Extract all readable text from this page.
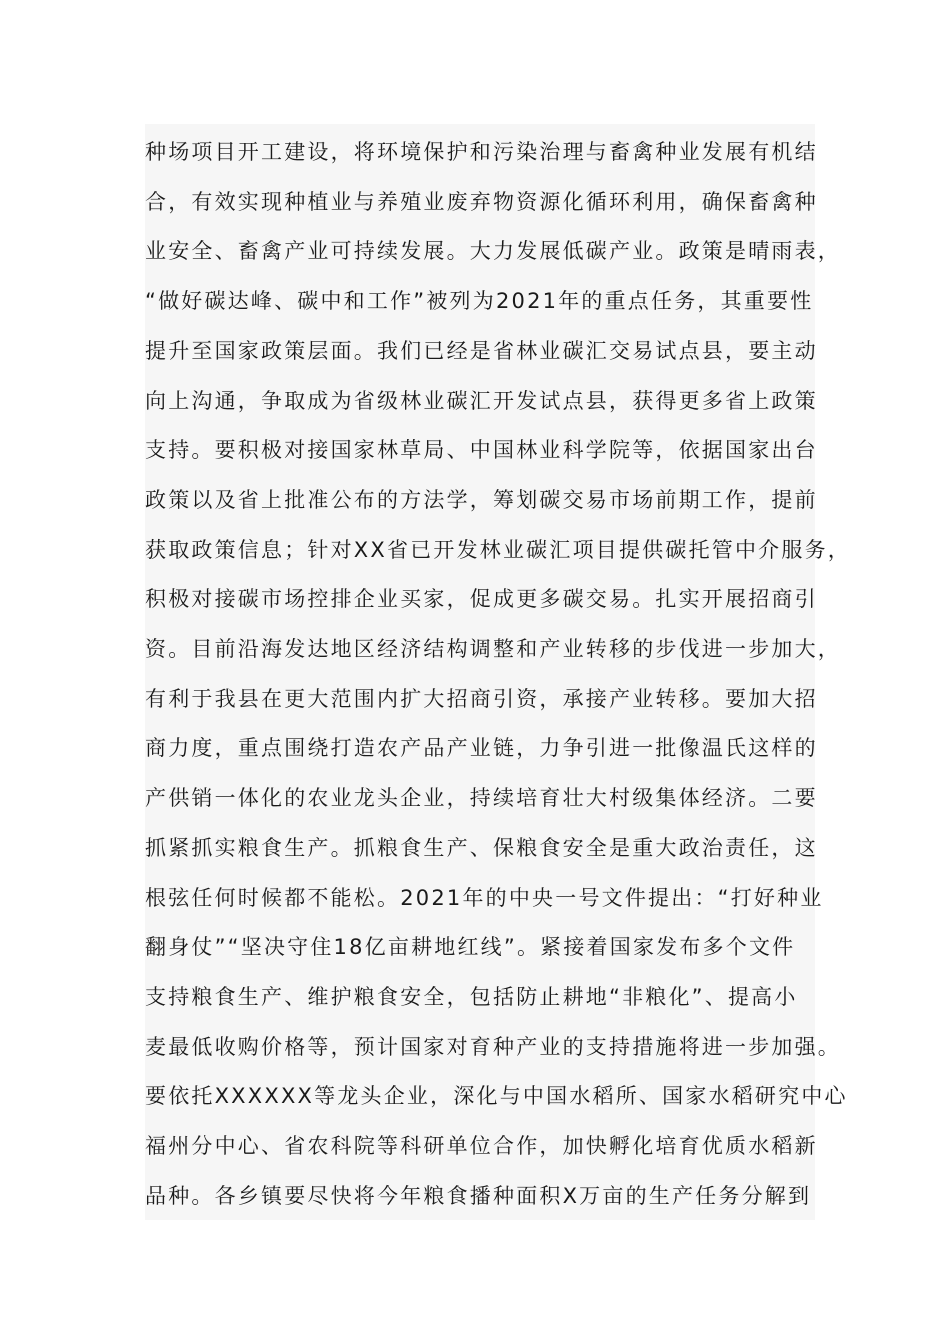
种场项目开工建设，将环境保护和污染治理与畜禽种业发展有机结
合，有效实现种植业与养殖业废弃物资源化循环利用，确保畜禽种
业安全、畜禽产业可持续发展。大力发展低碳产业。政策是晴雨表，
“做好碳达峰、碳中和工作”被列为2021年的重点任务，其重要性
提升至国家政策层面。我们已经是省林业碳汇交易试点县，要主动
向上沟通，争取成为省级林业碳汇开发试点县，获得更多省上政策
支持。要积极对接国家林草局、中国林业科学院等，依据国家出台
政策以及省上批准公布的方法学，筹划碳交易市场前期工作，提前
获取政策信息；针对XX省已开发林业碳汇项目提供碳托管中介服务，
积极对接碳市场控排企业买家，促成更多碳交易。扎实开展招商引
资。目前沿海发达地区经济结构调整和产业转移的步伐进一步加大，
有利于我县在更大范围内扩大招商引资，承接产业转移。要加大招
商力度，重点围绕打造农产品产业链，力争引进一批像温氏这样的
产供销一体化的农业龙头企业，持续培育壮大村级集体经济。二要
抓紧抓实粮食生产。抓粮食生产、保粮食安全是重大政治责任，这
根弦任何时候都不能松。2021年的中央一号文件提出：“打好种业
翻身仗”“坚决守住18亿亩耕地红线”。紧接着国家发布多个文件
支持粮食生产、维护粮食安全，包括防止耕地“非粮化”、提高小
麦最低收购价格等，预计国家对育种产业的支持措施将进一步加强。
要依托XXXXXX等龙头企业，深化与中国水稻所、国家水稻研究中心
福州分中心、省农科院等科研单位合作，加快孵化培育优质水稻新
品种。各乡镇要尽快将今年粮食播种面积X万亩的生产任务分解到
